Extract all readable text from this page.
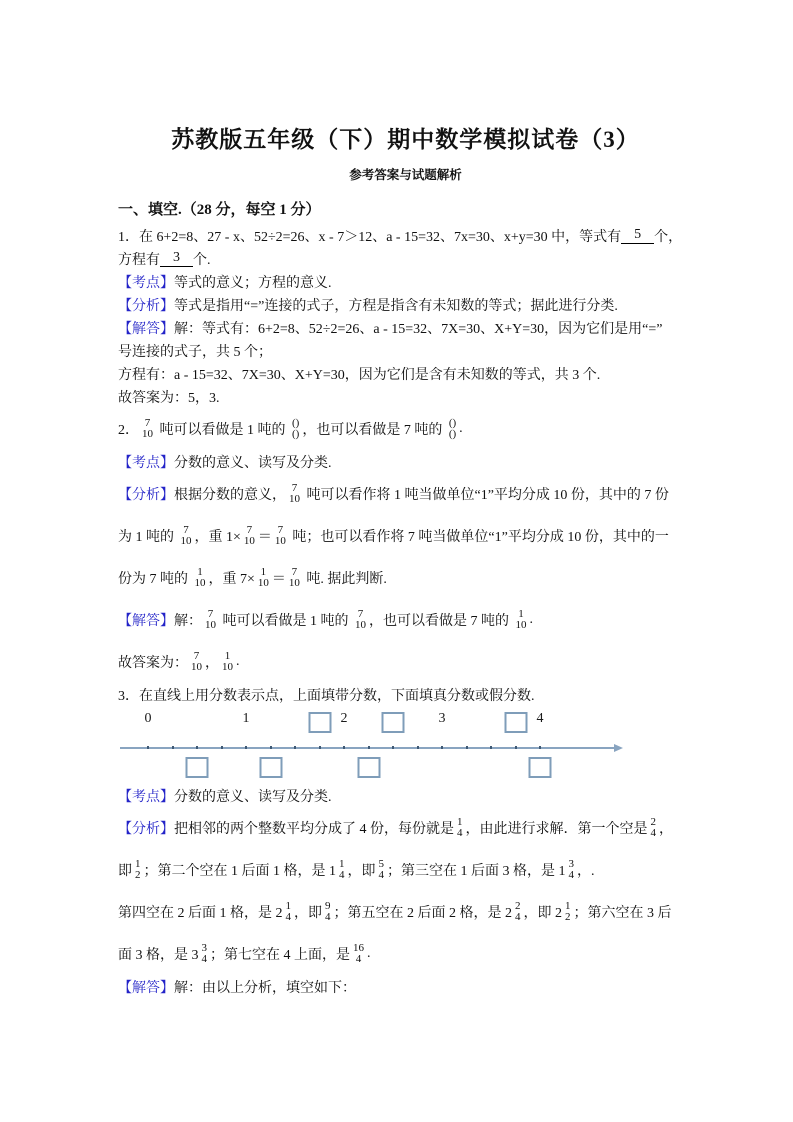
苏教版五年级（下）期中数学模拟试卷（3）
参考答案与试题解析
一、填空.（28 分，每空 1 分）

1．在 6+2=8、27 - x、52÷2=26、x - 7＞12、a - 15=32、7x=30、x+y=30 中，等式有 5 个，

方程有 3 个.

【考点】 等式的意义；方程的意义.

【分析】 等式是指用“=”连接的式子，方程是指含有未知数的等式；据此进行分类.

【解答】 解：等式有：6+2=8、52÷2=26、a - 15=32、7X=30、X+Y=30，因为它们是用“=”

号连接的式子，共 5 个；

方程有：a - 15=32、7X=30、X+Y=30，因为它们是含有未知数的等式，共 3 个.

故答案为：5，3.

2． 7
10 吨可以看做是 1 吨的 ()
() ，也可以看做是 7 吨的 ()
() .

【考点】 分数的意义、读写及分类.

【分析】 根据分数的意义， 7
10 吨可以看作将 1 吨当做单位“1”平均分成 10 份，其中的 7 份

为 1 吨的 7
10 ，重 1× 7
10 ＝ 7
10 吨；也可以看作将 7 吨当做单位“1”平均分成 10 份，其中的一

份为 7 吨的 1
10 ，重 7× 1
10 ＝ 7
10 吨. 据此判断.

【解答】 解： 7
10 吨可以看做是 1 吨的 7
10 ，也可以看做是 7 吨的 1
10 .

故答案为： 7
10 ， 1
10 .

3．在直线上用分数表示点，上面填带分数，下面填真分数或假分数.

0	1	2	3	4

【考点】 分数的意义、读写及分类.

【分析】 把相邻的两个整数平均分成了 4 份，每份就是 1
4 ，由此进行求解．第一个空是 2
4 ，

即 1
2 ；第二个空在 1 后面 1 格，是 1 1
4 ，即 5
4 ；第三空在 1 后面 3 格，是 1 3
4 ，.

第四空在 2 后面 1 格，是 2 1
4 ，即 9
4 ；第五空在 2 后面 2 格，是 2 2
4 ，即 2 1
2 ；第六空在 3 后

面 3 格，是 3 3
4 ；第七空在 4 上面，是 16
4 .

【解答】 解：由以上分析，填空如下：
